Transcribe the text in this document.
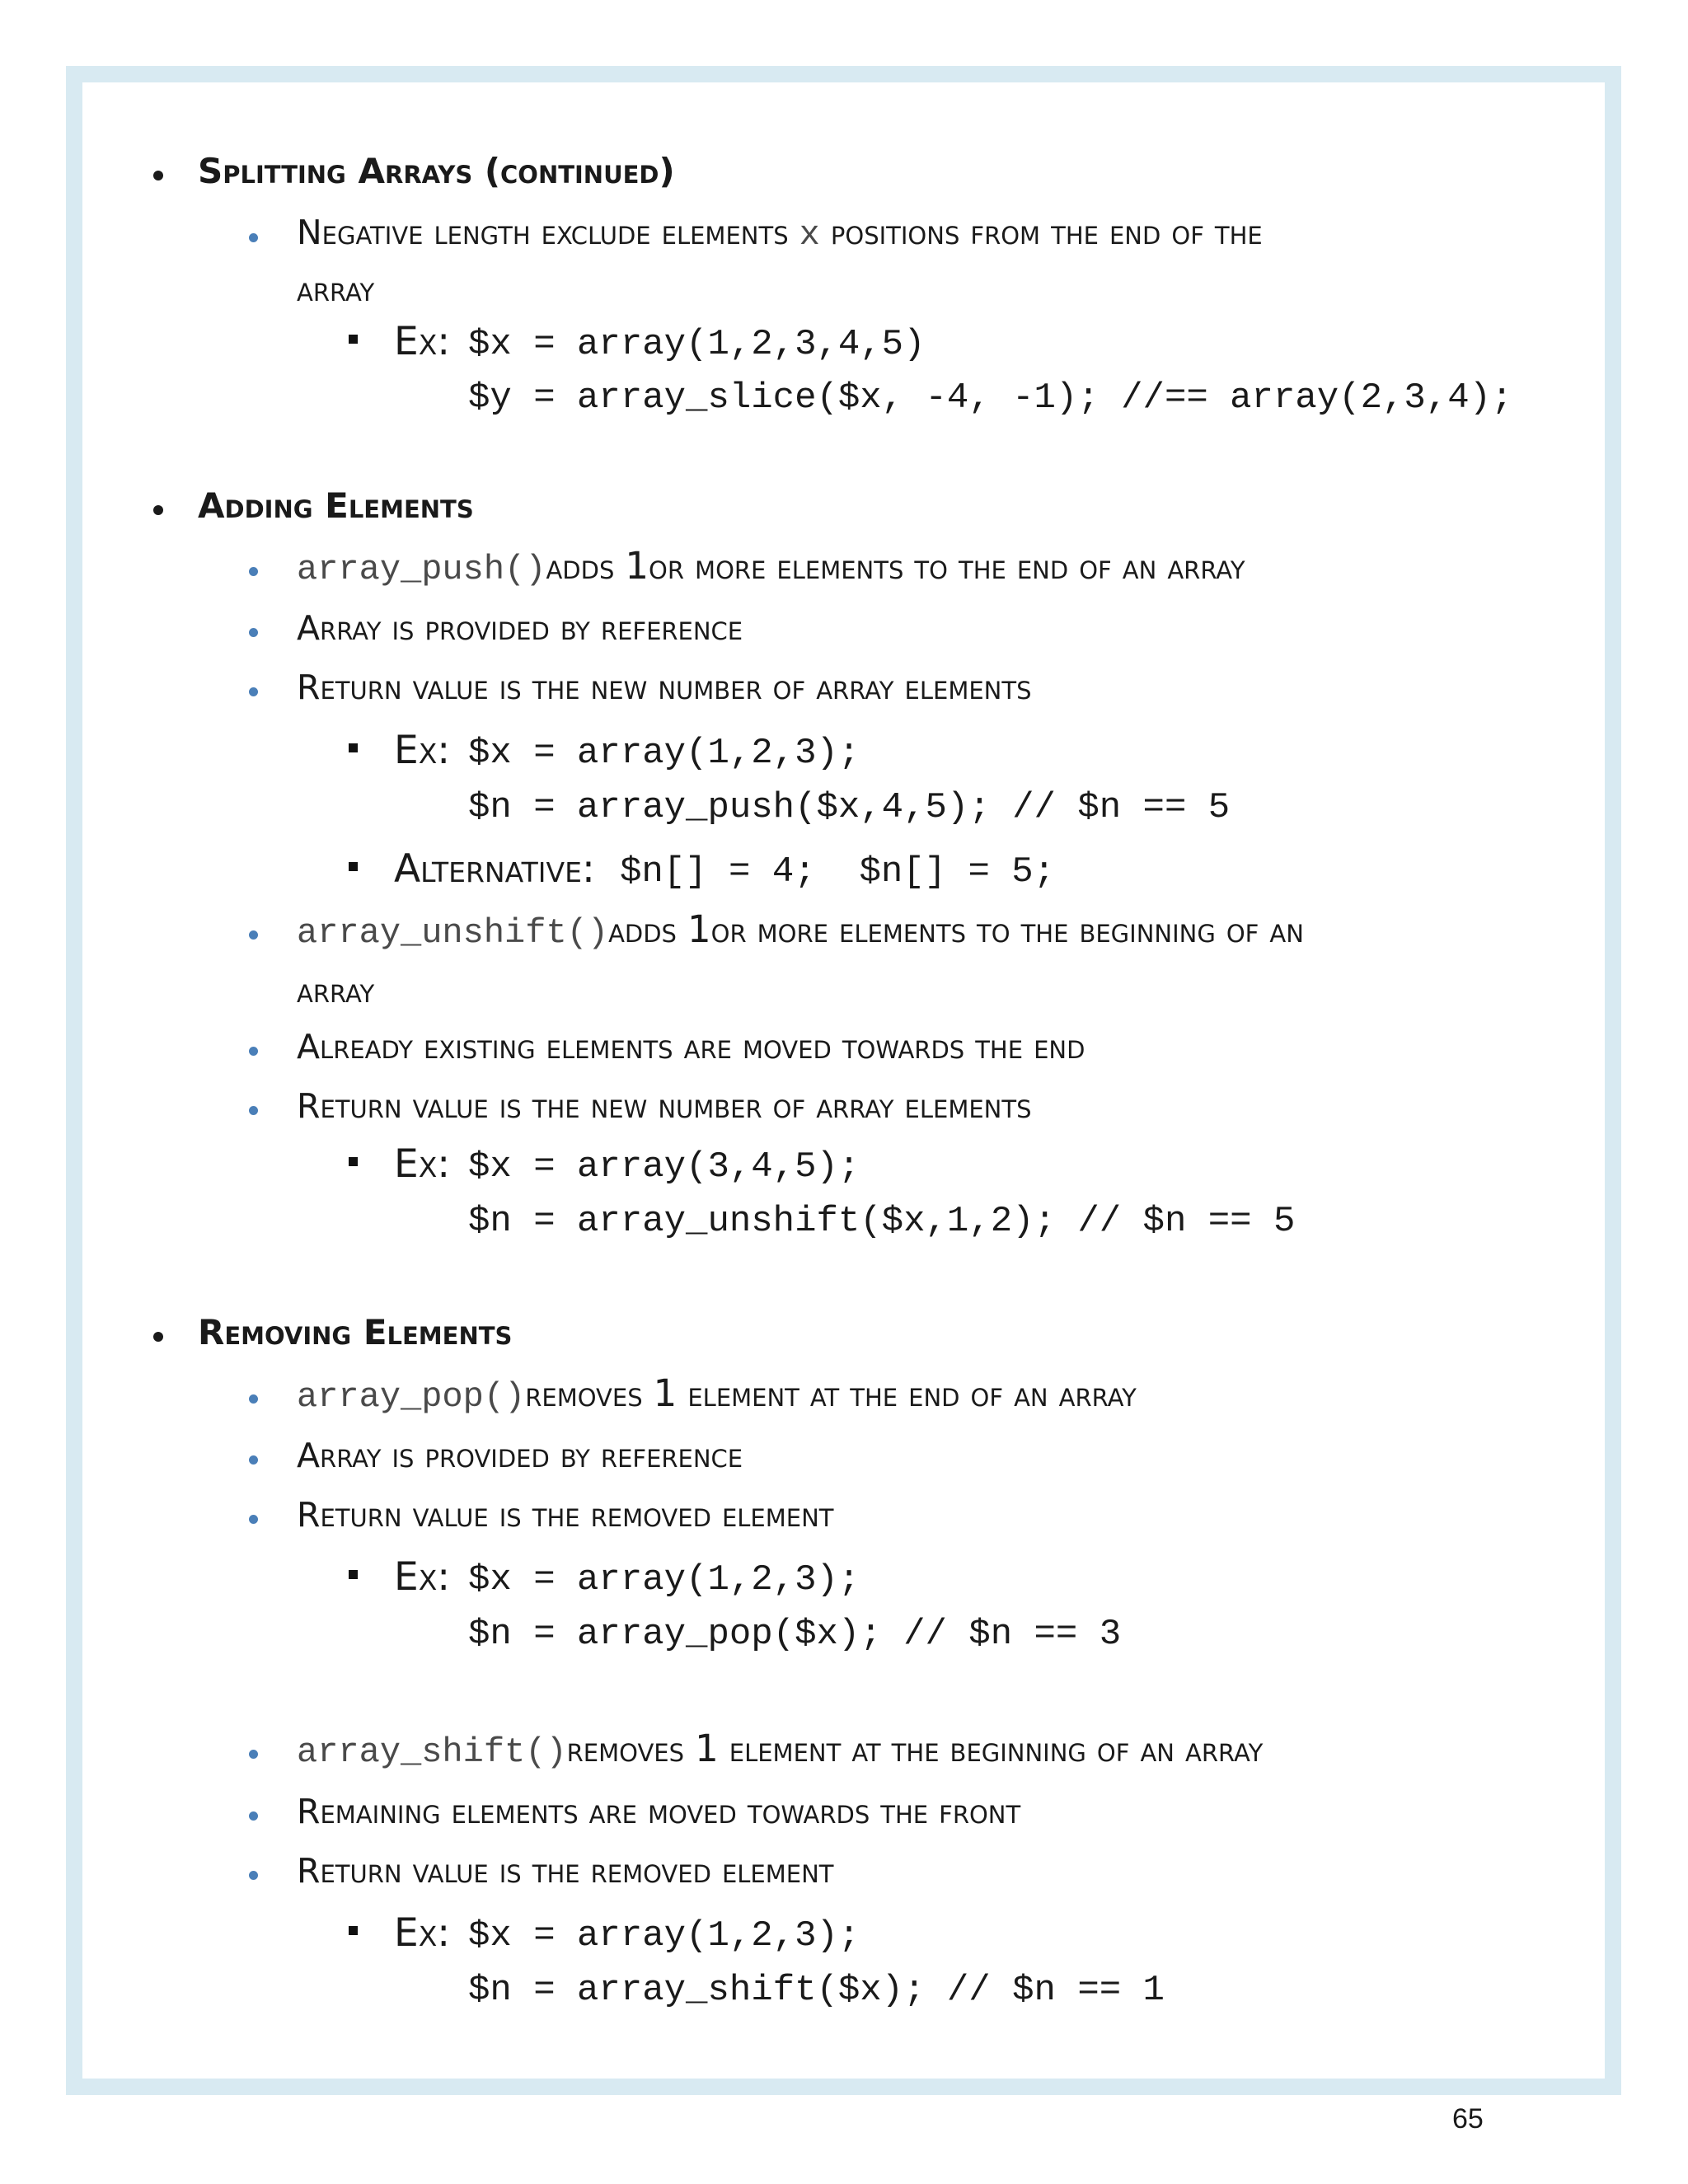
Splitting Arrays (continued)
Negative length exclude elements x positions from the end of the
array
Ex: $x = array(1,2,3,4,5)
$y = array_slice($x, -4, -1); //== array(2,3,4);
Adding Elements
array_push()adds 1or more elements to the end of an array
Array is provided by reference
Return value is the new number of array elements
Ex: $x = array(1,2,3);
$n = array_push($x,4,5); // $n == 5
Alternative: $n[] = 4;  $n[] = 5;
array_unshift()adds 1or more elements to the beginning of an
array
Already existing elements are moved towards the end
Return value is the new number of array elements
Ex: $x = array(3,4,5);
$n = array_unshift($x,1,2); // $n == 5
Removing Elements
array_pop()removes 1 element at the end of an array
Array is provided by reference
Return value is the removed element
Ex: $x = array(1,2,3);
$n = array_pop($x); // $n == 3
array_shift()removes 1 element at the beginning of an array
Remaining elements are moved towards the front
Return value is the removed element
Ex: $x = array(1,2,3);
$n = array_shift($x); // $n == 1
65
